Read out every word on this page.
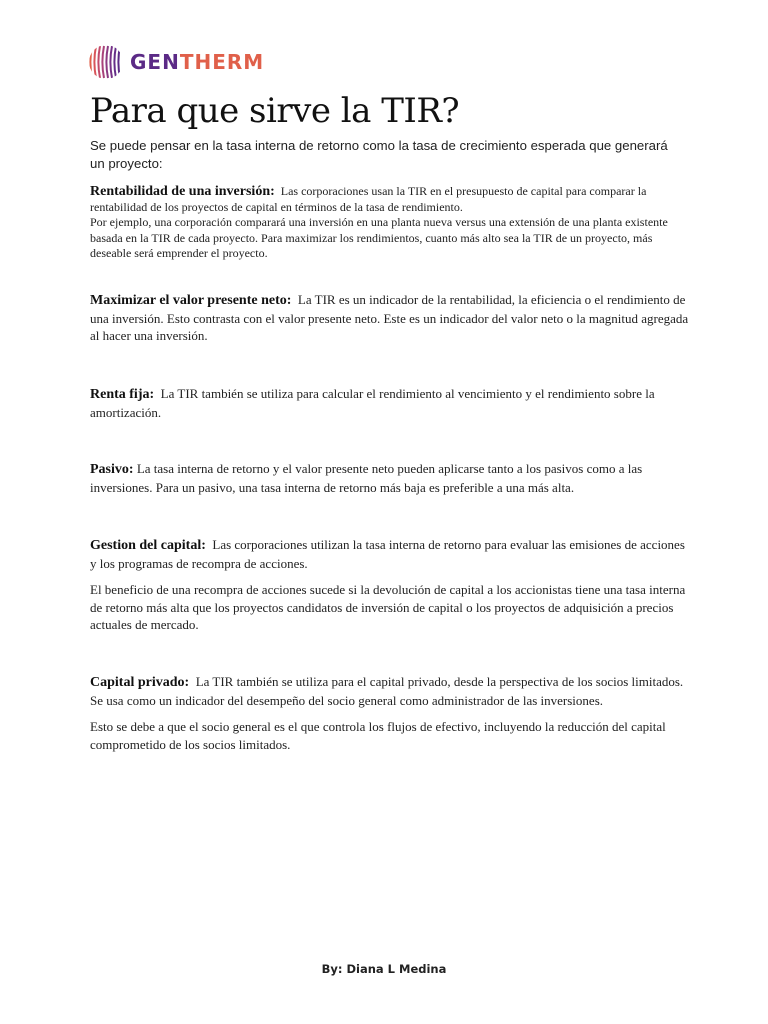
GENTHERM
Para que sirve la TIR?

Se puede pensar en la tasa interna de retorno como la tasa de crecimiento esperada que generará un proyecto:

Rentabilidad de una inversión: Las corporaciones usan la TIR en el presupuesto de capital para comparar la rentabilidad de los proyectos de capital en términos de la tasa de rendimiento.

Por ejemplo, una corporación comparará una inversión en una planta nueva versus una extensión de una planta existente basada en la TIR de cada proyecto. Para maximizar los rendimientos, cuanto más alto sea la TIR de un proyecto, más deseable será emprender el proyecto.

Maximizar el valor presente neto: La TIR es un indicador de la rentabilidad, la eficiencia o el rendimiento de una inversión. Esto contrasta con el valor presente neto. Este es un indicador del valor neto o la magnitud agregada al hacer una inversión.

Renta fija: La TIR también se utiliza para calcular el rendimiento al vencimiento y el rendimiento sobre la amortización.

Pasivo: La tasa interna de retorno y el valor presente neto pueden aplicarse tanto a los pasivos como a las inversiones. Para un pasivo, una tasa interna de retorno más baja es preferible a una más alta.

Gestion del capital: Las corporaciones utilizan la tasa interna de retorno para evaluar las emisiones de acciones y los programas de recompra de acciones.

El beneficio de una recompra de acciones sucede si la devolución de capital a los accionistas tiene una tasa interna de retorno más alta que los proyectos candidatos de inversión de capital o los proyectos de adquisición a precios actuales de mercado.

Capital privado: La TIR también se utiliza para el capital privado, desde la perspectiva de los socios limitados. Se usa como un indicador del desempeño del socio general como administrador de las inversiones.

Esto se debe a que el socio general es el que controla los flujos de efectivo, incluyendo la reducción del capital comprometido de los socios limitados.

By: Diana L Medina
